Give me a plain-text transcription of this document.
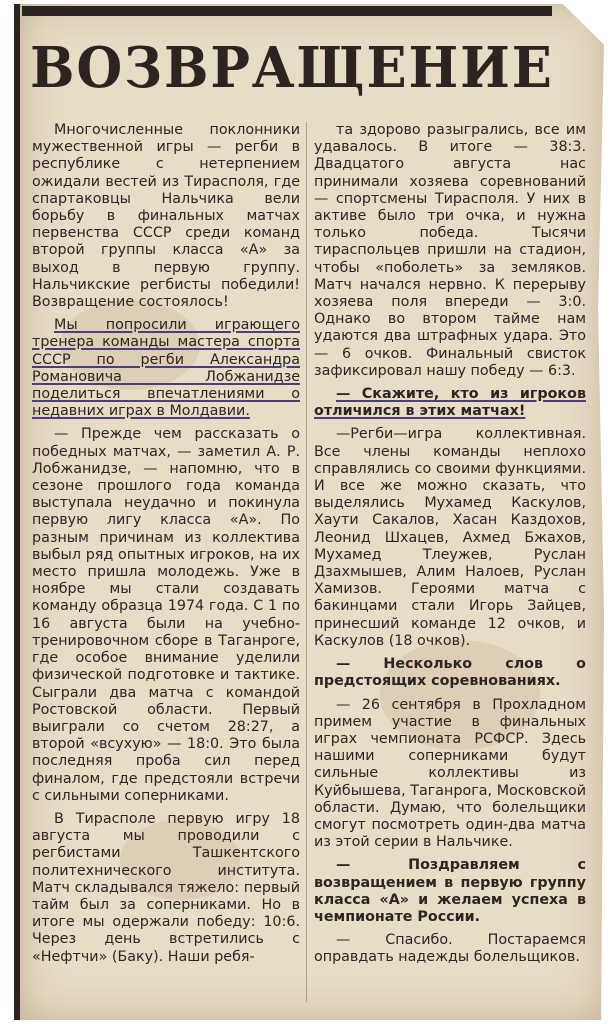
ВОЗВРАЩЕНИЕ

Многочисленные поклонники мужественной игры — регби в республике с нетерпением ожидали вестей из Тирасполя, где спартаковцы Нальчика вели борьбу в финальных матчах первенства СССР среди команд второй группы класса «А» за выход в первую группу. Нальчикские регбисты победили! Возвращение состоялось!

Мы попросили играющего тренера команды мастера спорта СССР по регби Александра Романовича Лобжанидзе поделиться впечатлениями о недавних играх в Молдавии.

— Прежде чем рассказать о победных матчах, — заметил А. Р. Лобжанидзе, — напомню, что в сезоне прошлого года команда выступала неудачно и покинула первую лигу класса «А». По разным причинам из коллектива выбыл ряд опытных игроков, на их место пришла молодежь. Уже в ноябре мы стали создавать команду образца 1974 года. С 1 по 16 августа были на учебно-тренировочном сборе в Таганроге, где особое внимание уделили физической подготовке и тактике. Сыграли два матча с командой Ростовской области. Первый выиграли со счетом 28:27, а второй «всухую» — 18:0. Это была последняя проба сил перед финалом, где предстояли встречи с сильными соперниками.

В Тирасполе первую игру 18 августа мы проводили с регбистами Ташкентского политехнического института. Матч складывался тяжело: первый тайм был за соперниками. Но в итоге мы одержали победу: 10:6. Через день встретились с «Нефтчи» (Баку). Наши ребя-

та здорово разыгрались, все им удавалось. В итоге — 38:3. Двадцатого августа нас принимали хозяева соревнований — спортсмены Тирасполя. У них в активе было три очка, и нужна только победа. Тысячи тираспольцев пришли на стадион, чтобы «поболеть» за земляков. Матч начался нервно. К перерыву хозяева поля впереди — 3:0. Однако во втором тайме нам удаются два штрафных удара. Это — 6 очков. Финальный свисток зафиксировал нашу победу — 6:3.

— Скажите, кто из игроков отличился в этих матчах!

—Регби—игра коллективная. Все члены команды неплохо справлялись со своими функциями. И все же можно сказать, что выделялись Мухамед Каскулов, Хаути Сакалов, Хасан Каздохов, Леонид Шхацев, Ахмед Бжахов, Мухамед Тлеужев, Руслан Дзахмышев, Алим Налоев, Руслан Хамизов. Героями матча с бакинцами стали Игорь Зайцев, принесший команде 12 очков, и Каскулов (18 очков).

— Несколько слов о предстоящих соревнованиях.

— 26 сентября в Прохладном примем участие в финальных играх чемпионата РСФСР. Здесь нашими соперниками будут сильные коллективы из Куйбышева, Таганрога, Московской области. Думаю, что болельщики смогут посмотреть один-два матча из этой серии в Нальчике.

— Поздравляем с возвращением в первую группу класса «А» и желаем успеха в чемпионате России.

— Спасибо. Постараемся оправдать надежды болельщиков.
